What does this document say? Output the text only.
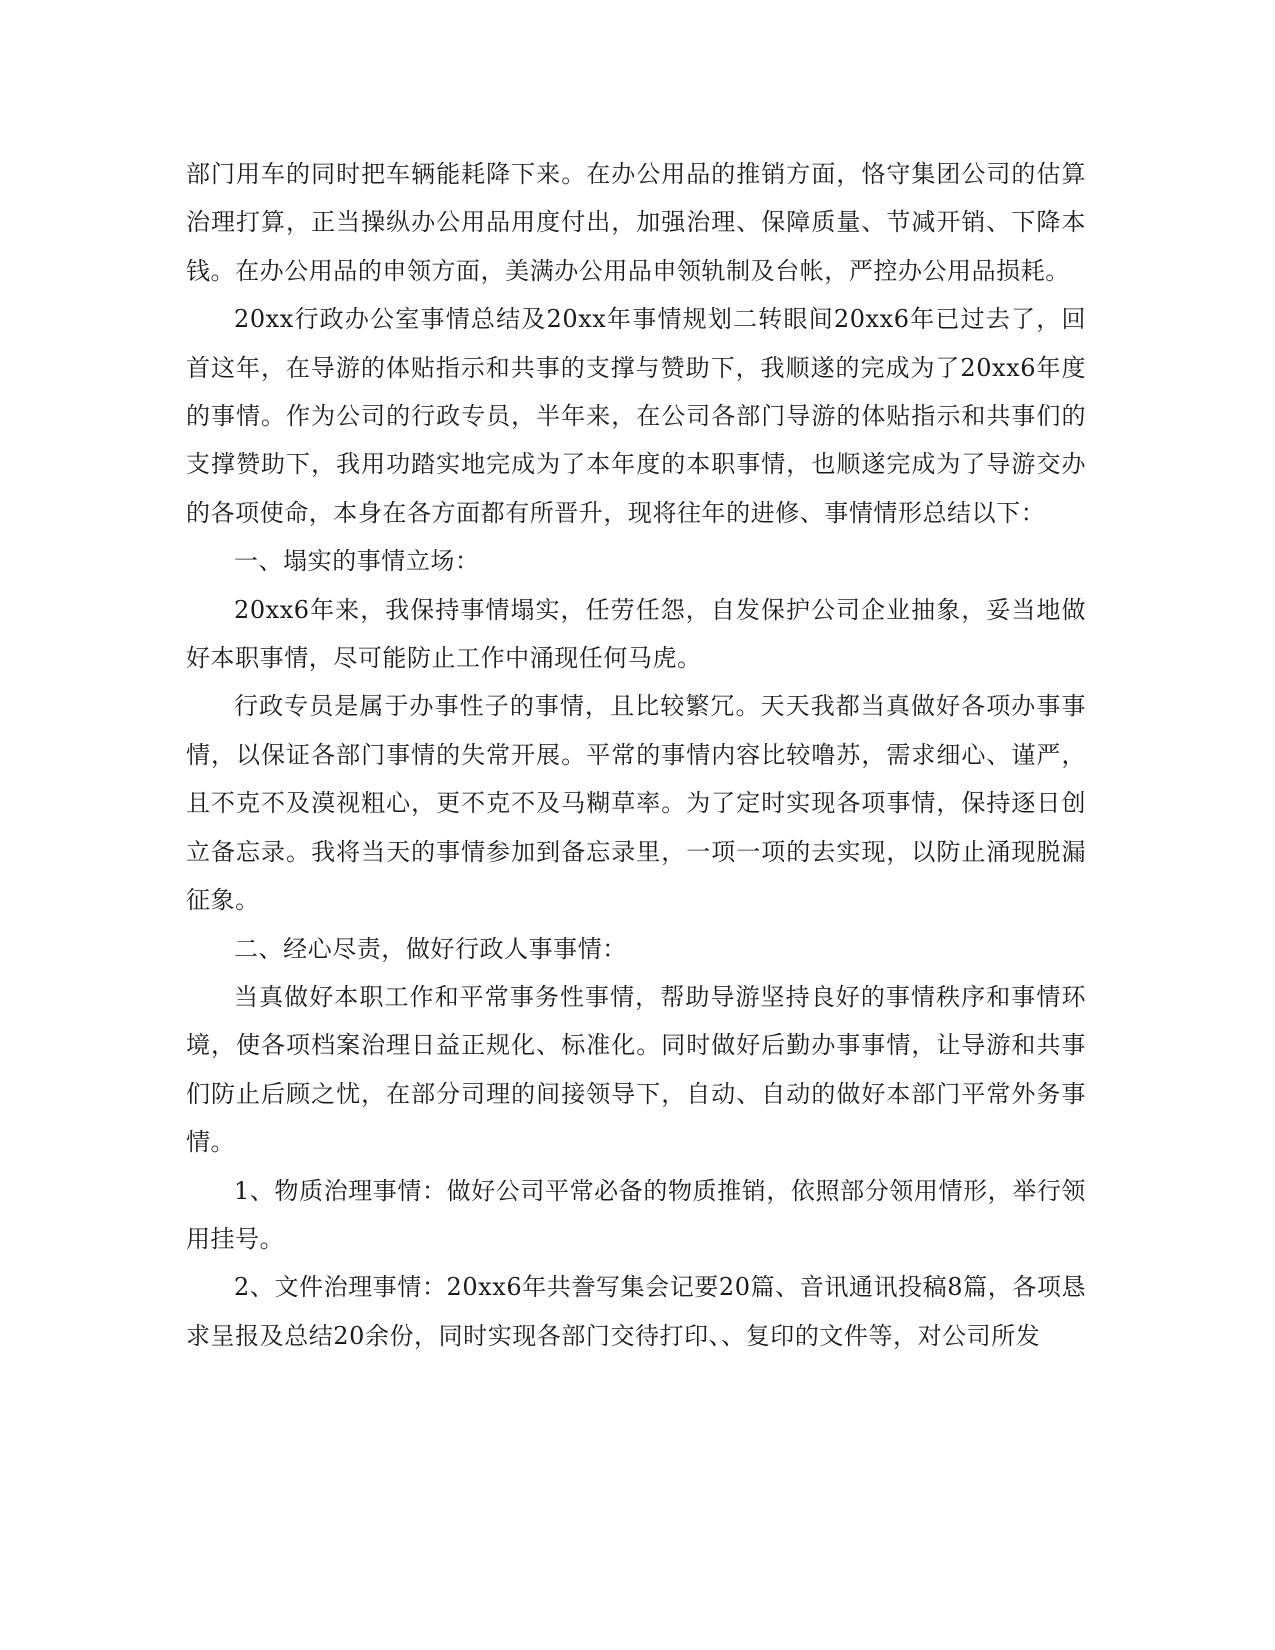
部门用车的同时把车辆能耗降下来。在办公用品的推销方面，恪守集团公司的估算治理打算，正当操纵办公用品用度付出，加强治理、保障质量、节减开销、下降本钱。在办公用品的申领方面，美满办公用品申领轨制及台帐，严控办公用品损耗。

20xx行政办公室事情总结及20xx年事情规划二转眼间20xx6年已过去了，回首这年，在导游的体贴指示和共事的支撑与赞助下，我顺遂的完成为了20xx6年度的事情。作为公司的行政专员，半年来，在公司各部门导游的体贴指示和共事们的支撑赞助下，我用功踏实地完成为了本年度的本职事情，也顺遂完成为了导游交办的各项使命，本身在各方面都有所晋升，现将往年的进修、事情情形总结以下：

一、塌实的事情立场：

20xx6年来，我保持事情塌实，任劳任怨，自发保护公司企业抽象，妥当地做好本职事情，尽可能防止工作中涌现任何马虎。

行政专员是属于办事性子的事情，且比较繁冗。天天我都当真做好各项办事事情，以保证各部门事情的失常开展。平常的事情内容比较噜苏，需求细心、谨严，且不克不及漠视粗心，更不克不及马糊草率。为了定时实现各项事情，保持逐日创立备忘录。我将当天的事情参加到备忘录里，一项一项的去实现，以防止涌现脱漏征象。

二、经心尽责，做好行政人事事情：

当真做好本职工作和平常事务性事情，帮助导游坚持良好的事情秩序和事情环境，使各项档案治理日益正规化、标准化。同时做好后勤办事事情，让导游和共事们防止后顾之忧，在部分司理的间接领导下，自动、自动的做好本部门平常外务事情。

1、物质治理事情：做好公司平常必备的物质推销，依照部分领用情形，举行领用挂号。

2、文件治理事情：20xx6年共誊写集会记要20篇、音讯通讯投稿8篇，各项恳求呈报及总结20余份，同时实现各部门交待打印、、复印的文件等，对公司所发
